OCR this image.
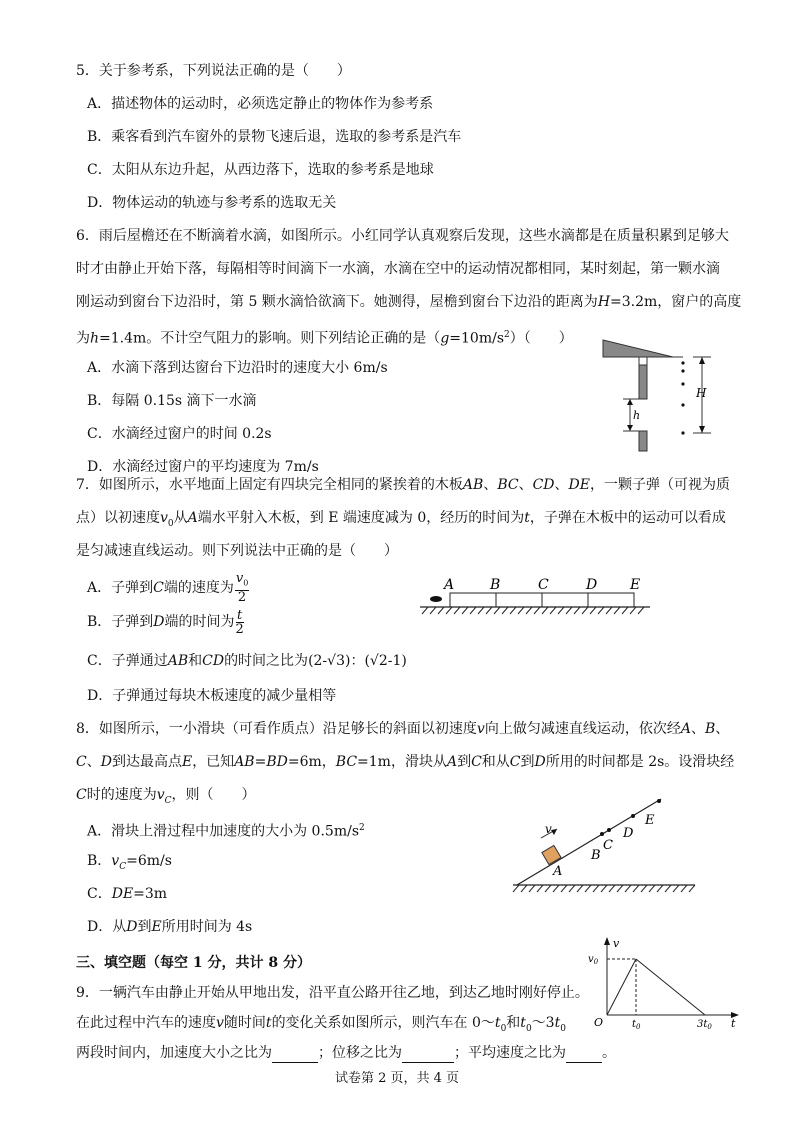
5．关于参考系，下列说法正确的是（　　）
A．描述物体的运动时，必须选定静止的物体作为参考系
B．乘客看到汽车窗外的景物飞速后退，选取的参考系是汽车
C．太阳从东边升起，从西边落下，选取的参考系是地球
D．物体运动的轨迹与参考系的选取无关
6．雨后屋檐还在不断滴着水滴，如图所示。小红同学认真观察后发现，这些水滴都是在质量积累到足够大
时才由静止开始下落，每隔相等时间滴下一水滴，水滴在空中的运动情况都相同，某时刻起，第一颗水滴
刚运动到窗台下边沿时，第 5 颗水滴恰欲滴下。她测得，屋檐到窗台下边沿的距离为H=3.2m，窗户的高度
为h=1.4m。不计空气阻力的影响。则下列结论正确的是$(g=10m/s^2)$（　　）
A．水滴下落到达窗台下边沿时的速度大小 6m/s
B．每隔 0.15s 滴下一水滴
C．水滴经过窗户的时间 0.2s
D．水滴经过窗户的平均速度为 7m/s
H
h
7．如图所示，水平地面上固定有四块完全相同的紧挨着的木板AB、BC、CD、DE，一颗子弹（可视为质
点）以初速度$v_0$从A端水平射入木板，到 E 端速度减为 0，经历的时间为t，子弹在木板中的运动可以看成
是匀减速直线运动。则下列说法中正确的是（　　）
A．子弹到C端的速度为 $\frac{v_0}{2}$
B．子弹到D端的时间为 $\frac{t}{2}$
C．子弹通过AB和CD的时间之比为(2-√3)：(√2-1)
D．子弹通过每块木板速度的减少量相等
A	B	C	D E
8．如图所示，一小滑块（可看作质点）沿足够长的斜面以初速度v向上做匀减速直线运动，依次经A、B、
C、D到达最高点E，已知AB=BD=6m，BC=1m，滑块从A到C和从C到D所用的时间都是 2s。设滑块经
C时的速度为$v_C$，则（　　）
A．滑块上滑过程中加速度的大小为 $0.5m/s^2$
B．$v_C=6m/s$
C．DE=3m
D．从D到E所用时间为 4s
v
A
B
C
D
E
三、填空题（每空 1 分，共计 8 分）
9．一辆汽车由静止开始从甲地出发，沿平直公路开往乙地，到达乙地时刚好停止。
在此过程中汽车的速度v随时间t的变化关系如图所示，则汽车在 $0\sim t_0$和$t_0\sim 3t_0$
两段时间内，加速度大小之比为	；位移之比为	；平均速度之比为	。
v
$v_0$
O	$t_0$	$3t_0$ t
试卷第 2 页，共 4 页
